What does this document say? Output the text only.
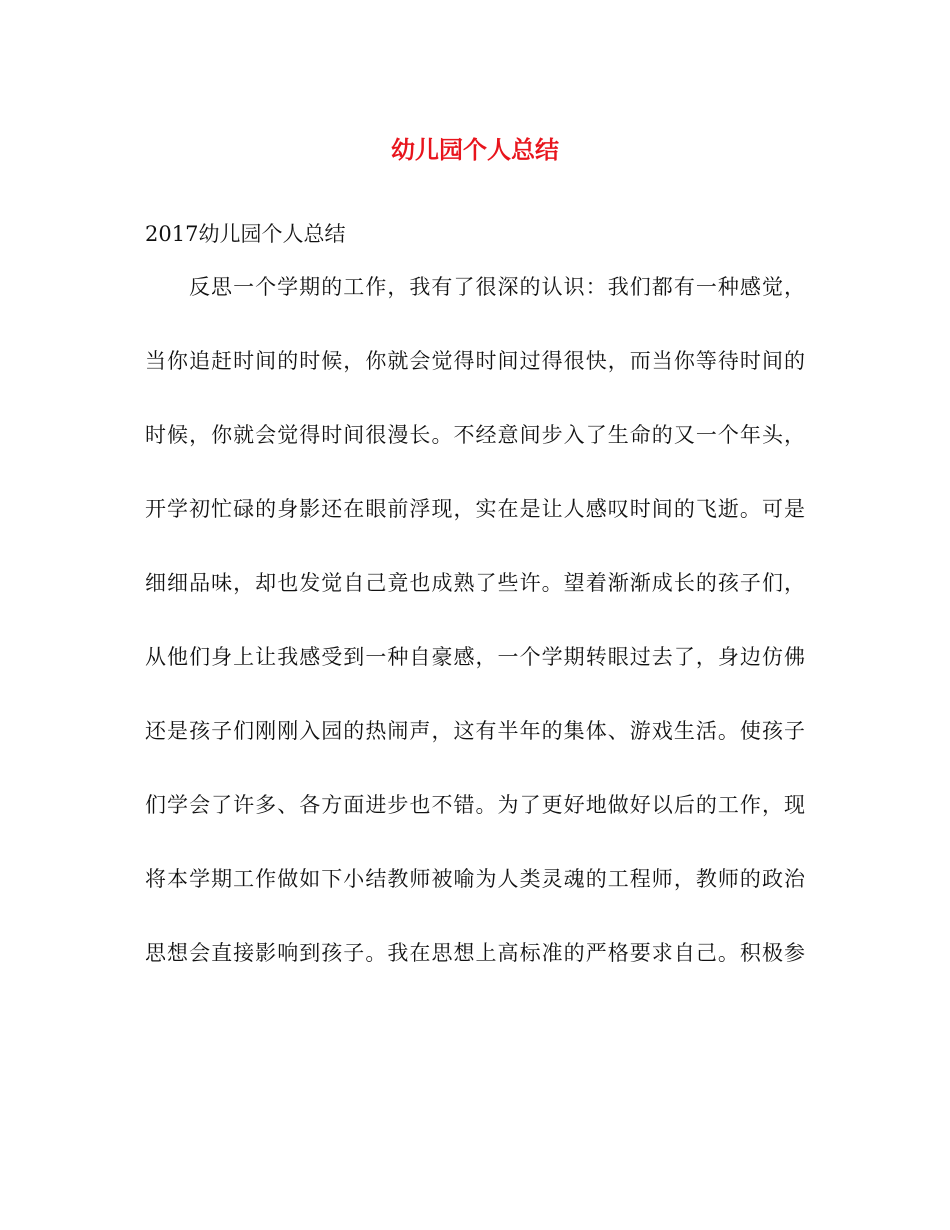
幼儿园个人总结
2017幼儿园个人总结
反思一个学期的工作，我有了很深的认识：我们都有一种感觉，
当你追赶时间的时候，你就会觉得时间过得很快，而当你等待时间的
时候，你就会觉得时间很漫长。不经意间步入了生命的又一个年头，
开学初忙碌的身影还在眼前浮现，实在是让人感叹时间的飞逝。可是
细细品味，却也发觉自己竟也成熟了些许。望着渐渐成长的孩子们，
从他们身上让我感受到一种自豪感，一个学期转眼过去了，身边仿佛
还是孩子们刚刚入园的热闹声，这有半年的集体、游戏生活。使孩子
们学会了许多、各方面进步也不错。为了更好地做好以后的工作，现
将本学期工作做如下小结教师被喻为人类灵魂的工程师，教师的政治
思想会直接影响到孩子。我在思想上高标准的严格要求自己。积极参
